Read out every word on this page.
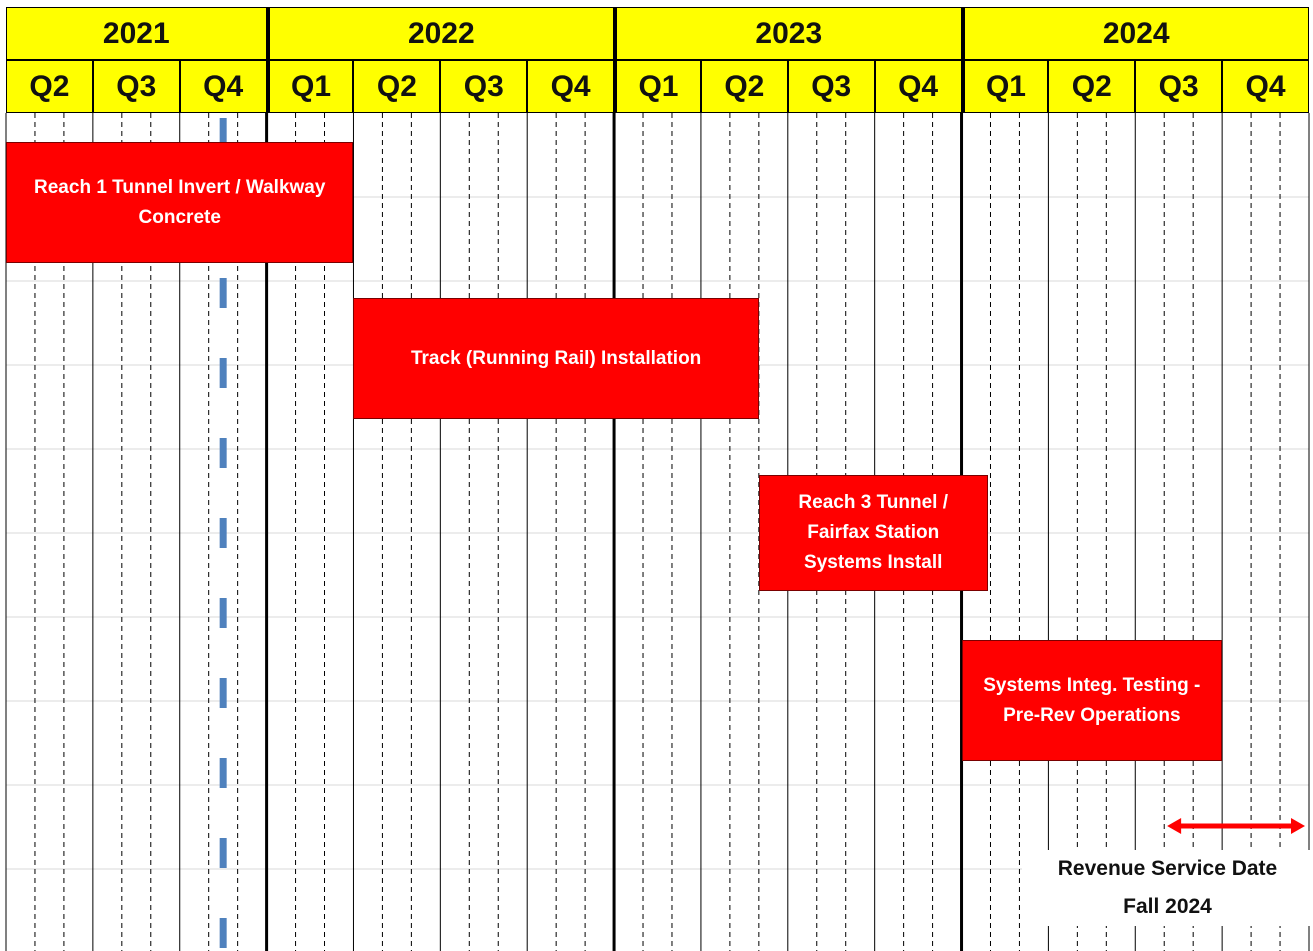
2021	2022	2023	2024
Q2	Q3	Q4	Q1	Q2	Q3	Q4	Q1	Q2	Q3	Q4	Q1	Q2	Q3	Q4
Reach 1 Tunnel Invert / Walkway Concrete
Track (Running Rail) Installation
Reach 3 Tunnel / Fairfax Station Systems Install
Systems Integ. Testing - Pre-Rev Operations
Revenue Service Date
Fall 2024
